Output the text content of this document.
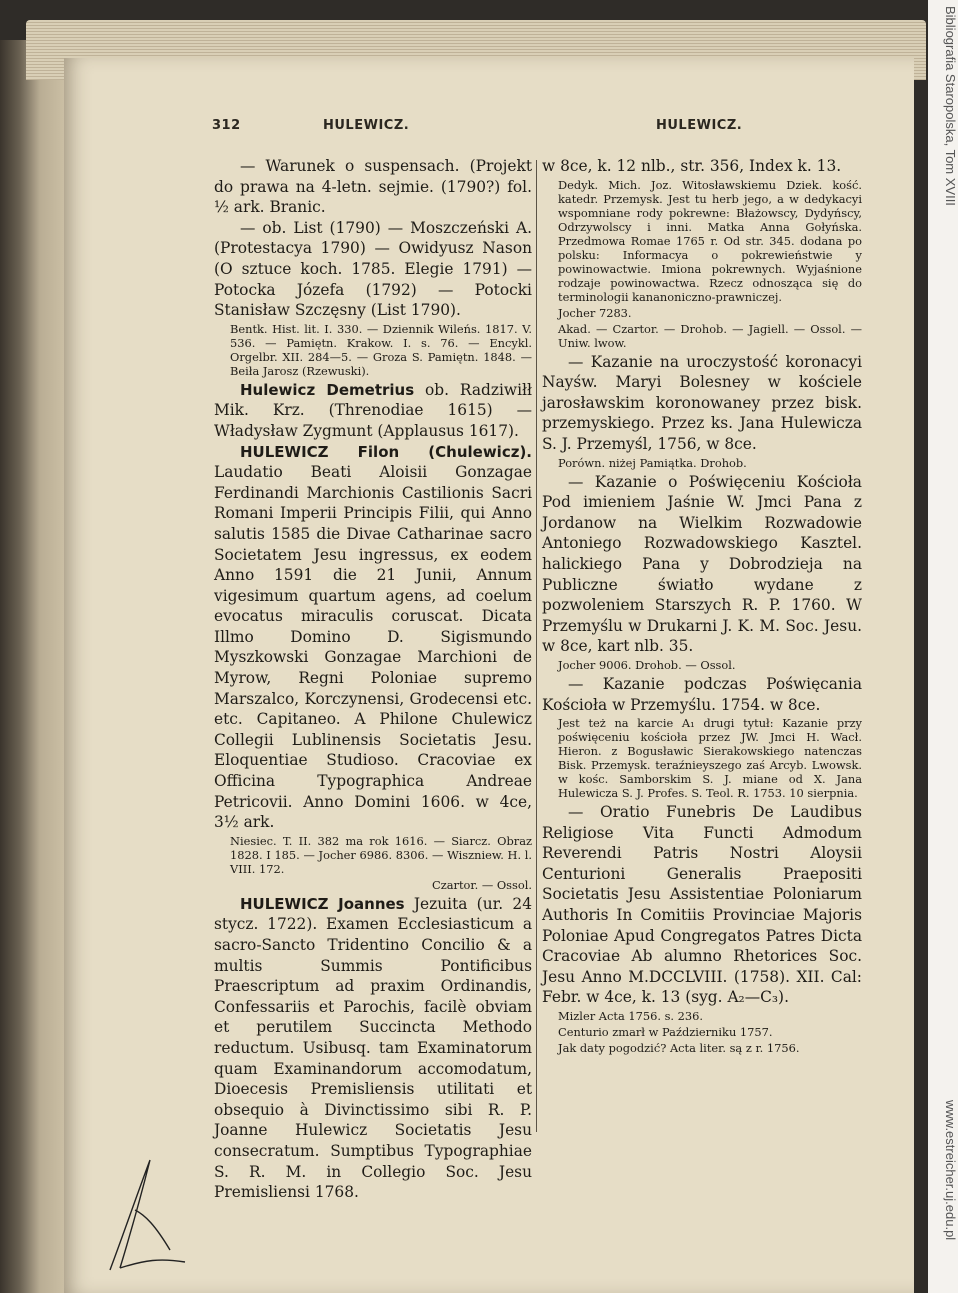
312	HULEWICZ.	HULEWICZ.

— Warunek o suspensach. (Projekt do prawa na 4-letn. sejmie. (1790?) fol. ½ ark. Branic.

— ob. List (1790) — Moszczeński A. (Protestacya 1790) — Owidyusz Nason (O sztuce koch. 1785. Elegie 1791) — Potocka Józefa (1792) — Potocki Stanisław Szczęsny (List 1790).

Bentk. Hist. lit. I. 330. — Dziennik Wileńs. 1817. V. 536. — Pamiętn. Krakow. I. s. 76. — Encykl. Orgelbr. XII. 284—5. — Groza S. Pamiętn. 1848. — Beiła Jarosz (Rzewuski).

Hulewicz Demetrius ob. Radziwiłł Mik. Krz. (Threnodiae 1615) — Władysław Zygmunt (Applausus 1617).

HULEWICZ Filon (Chulewicz). Laudatio Beati Aloisii Gonzagae Ferdinandi Marchionis Castilionis Sacri Romani Imperii Principis Filii, qui Anno salutis 1585 die Divae Catharinae sacro Societatem Jesu ingressus, ex eodem Anno 1591 die 21 Junii, Annum vigesimum quartum agens, ad coelum evocatus miraculis coruscat. Dicata Illmo Domino D. Sigismundo Myszkowski Gonzagae Marchioni de Myrow, Regni Poloniae supremo Marszalco, Korczynensi, Grodecensi etc. etc. Capitaneo. A Philone Chulewicz Collegii Lublinensis Societatis Jesu. Eloquentiae Studioso. Cracoviae ex Officina Typographica Andreae Petricovii. Anno Domini 1606. w 4ce, 3½ ark.

Niesiec. T. II. 382 ma rok 1616. — Siarcz. Obraz 1828. I 185. — Jocher 6986. 8306. — Wiszniew. H. l. VIII. 172.

Czartor. — Ossol.

HULEWICZ Joannes Jezuita (ur. 24 stycz. 1722). Examen Ecclesiasticum a sacro-Sancto Tridentino Concilio & a multis Summis Pontificibus Praescriptum ad praxim Ordinandis, Confessariis et Parochis, facilè obviam et perutilem Succincta Methodo reductum. Usibusq. tam Examinatorum quam Examinandorum accomodatum, Dioecesis Premisliensis utilitati et obsequio à Divinctissimo sibi R. P. Joanne Hulewicz Societatis Jesu consecratum. Sumptibus Typographiae S. R. M. in Collegio Soc. Jesu Premisliensi 1768.

w 8ce, k. 12 nlb., str. 356, Index k. 13.

Dedyk. Mich. Joz. Witosławskiemu Dziek. kość. katedr. Przemysk. Jest tu herb jego, a w dedykacyi wspomniane rody pokrewne: Błażowscy, Dydyńscy, Odrzywolscy i inni. Matka Anna Gołyńska. Przedmowa Romae 1765 r. Od str. 345. dodana po polsku: Informacya o pokrewieństwie y powinowactwie. Imiona pokrewnych. Wyjaśnione rodzaje powinowactwa. Rzecz odnosząca się do terminologii kananoniczno-prawniczej.

Jocher 7283.

Akad. — Czartor. — Drohob. — Jagiell. — Ossol. — Uniw. lwow.

— Kazanie na uroczystość koronacyi Nayśw. Maryi Bolesney w kościele jarosławskim koronowaney przez bisk. przemyskiego. Przez ks. Jana Hulewicza S. J. Przemyśl, 1756, w 8ce.

Porówn. niżej Pamiątka. Drohob.

— Kazanie o Poświęceniu Kościoła Pod imieniem Jaśnie W. Jmci Pana z Jordanow na Wielkim Rozwadowie Antoniego Rozwadowskiego Kasztel. halickiego Pana y Dobrodzieja na Publiczne światło wydane z pozwoleniem Starszych R. P. 1760. W Przemyślu w Drukarni J. K. M. Soc. Jesu. w 8ce, kart nlb. 35.

Jocher 9006. Drohob. — Ossol.

— Kazanie podczas Poświęcania Kościoła w Przemyślu. 1754. w 8ce.

Jest też na karcie A₁ drugi tytuł: Kazanie przy poświęceniu kościoła przez JW. Jmci H. Wacł. Hieron. z Bogusławic Sierakowskiego natenczas Bisk. Przemysk. teraźnieyszego zaś Arcyb. Lwowsk. w kośc. Samborskim S. J. miane od X. Jana Hulewicza S. J. Profes. S. Teol. R. 1753. 10 sierpnia.

— Oratio Funebris De Laudibus Religiose Vita Functi Admodum Reverendi Patris Nostri Aloysii Centurioni Generalis Praepositi Societatis Jesu Assistentiae Poloniarum Authoris In Comitiis Provinciae Majoris Poloniae Apud Congregatos Patres Dicta Cracoviae Ab alumno Rhetorices Soc. Jesu Anno M.DCCLVIII. (1758). XII. Cal: Febr. w 4ce, k. 13 (syg. A₂—C₃).

Mizler Acta 1756. s. 236.

Centurio zmarł w Październiku 1757.

Jak daty pogodzić? Acta liter. są z r. 1756.

Bibliografia Staropolska, Tom XVIII
www.estreicher.uj.edu.pl
